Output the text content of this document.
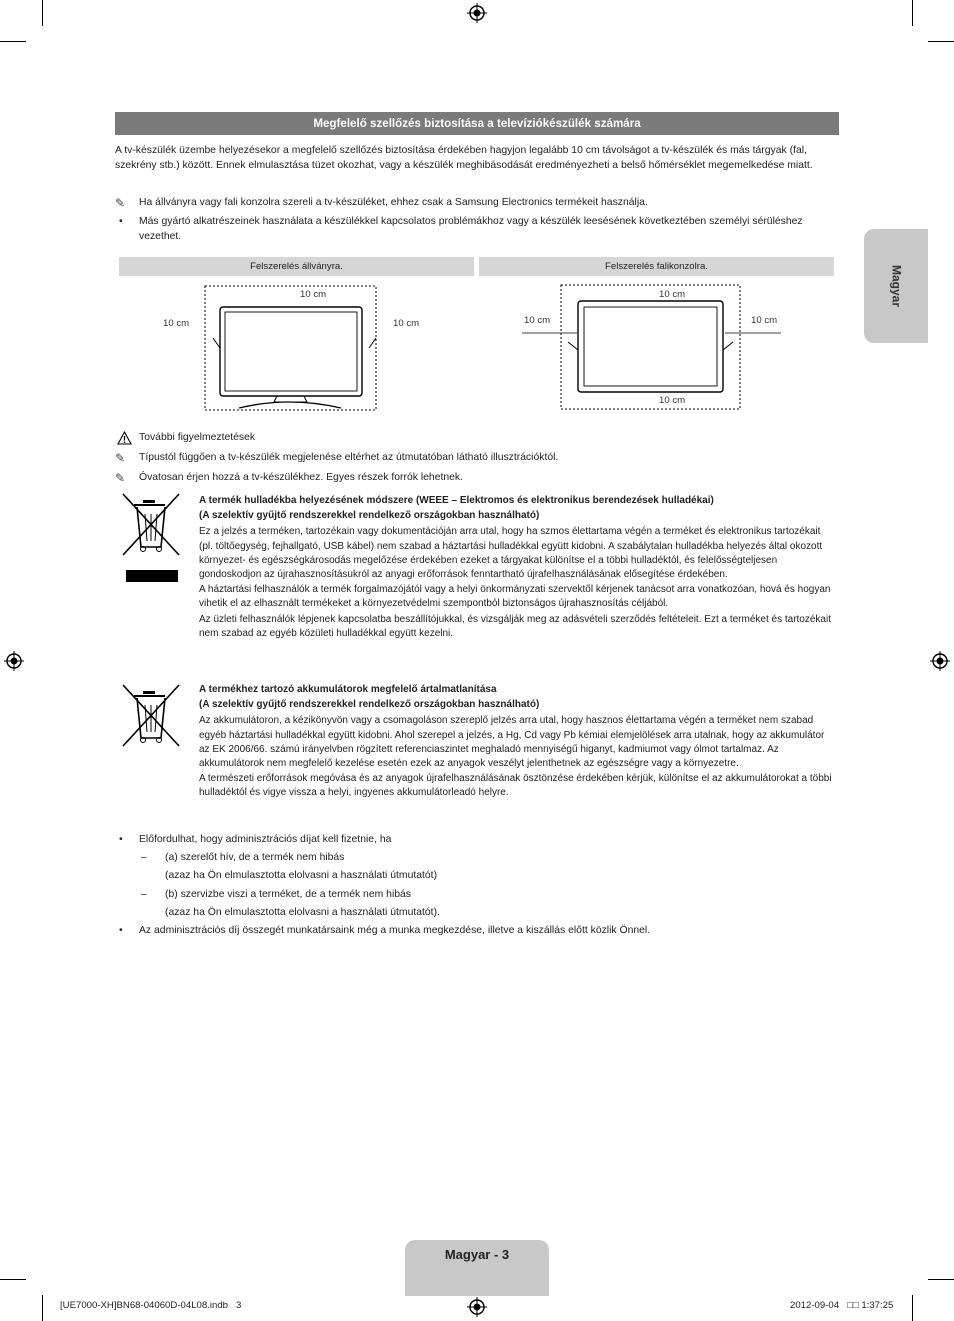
Megfelelő szellőzés biztosítása a televíziókészülék számára
Magyar
A tv-készülék üzembe helyezésekor a megfelelő szellőzés biztosítása érdekében hagyjon legalább 10 cm távolságot a tv-készülék és más tárgyak (fal, szekrény stb.) között. Ennek elmulasztása tüzet okozhat, vagy a készülék meghibásodását eredményezheti a belső hőmérséklet megemelkedése miatt.
✎ Ha állványra vagy fali konzolra szereli a tv-készüléket, ehhez csak a Samsung Electronics termékeit használja.
• Más gyártó alkatrészeinek használata a készülékkel kapcsolatos problémákhoz vagy a készülék leesésének következtében személyi sérüléshez vezethet.
Felszerelés állványra.	Felszerelés falikonzolra.
10 cm
10 cm	10 cm
10 cm
10 cm	10 cm
10 cm
További figyelmeztetések
✎ Típustól függően a tv-készülék megjelenése eltérhet az útmutatóban látható illusztrációktól.
✎ Óvatosan érjen hozzá a tv-készülékhez. Egyes részek forrók lehetnek.
A termék hulladékba helyezésének módszere (WEEE – Elektromos és elektronikus berendezések hulladékai)
(A szelektív gyűjtő rendszerekkel rendelkező országokban használható)
Ez a jelzés a terméken, tartozékain vagy dokumentációján arra utal, hogy ha szmos élettartama végén a terméket és elektronikus tartozékait (pl. töltőegység, fejhallgató, USB kábel) nem szabad a háztartási hulladékkal együtt kidobni. A szabálytalan hulladékba helyezés által okozott környezet- és egészségkárosodás megelőzése érdekében ezeket a tárgyakat különítse el a többi hulladéktól, és felelősségteljesen gondoskodjon az újrahasznosításukról az anyagi erőforrások fenntartható újrafelhasználásának elősegítése érdekében.
A háztartási felhasználók a termék forgalmazójától vagy a helyi önkormányzati szervektől kérjenek tanácsot arra vonatkozóan, hová és hogyan vihetik el az elhasznált termékeket a környezetvédelmi szempontból biztonságos újrahasznosítás céljából.
Az üzleti felhasználók lépjenek kapcsolatba beszállítójukkal, és vizsgálják meg az adásvételi szerződés feltételeit. Ezt a terméket és tartozékait nem szabad az egyéb közületi hulladékkal együtt kezelni.
A termékhez tartozó akkumulátorok megfelelő ártalmatlanítása
(A szelektív gyűjtő rendszerekkel rendelkező országokban használható)
Az akkumulátoron, a kézikönyvön vagy a csomagoláson szereplő jelzés arra utal, hogy hasznos élettartama végén a terméket nem szabad egyéb háztartási hulladékkal együtt kidobni. Ahol szerepel a jelzés, a Hg, Cd vagy Pb kémiai elemjelölések arra utalnak, hogy az akkumulátor az EK 2006/66. számú irányelvben rögzített referenciaszintet meghaladó mennyiségű higanyt, kadmiumot vagy ólmot tartalmaz. Az akkumulátorok nem megfelelő kezelése esetén ezek az anyagok veszélyt jelenthetnek az egészségre vagy a környezetre.
A természeti erőforrások megóvása és az anyagok újrafelhasználásának ösztönzése érdekében kérjük, különítse el az akkumulátorokat a többi hulladéktól és vigye vissza a helyi, ingyenes akkumulátorleadó helyre.
• Előfordulhat, hogy adminisztrációs díjat kell fizetnie, ha
– (a) szerelőt hív, de a termék nem hibás
(azaz ha Ön elmulasztotta elolvasni a használati útmutatót)
– (b) szervizbe viszi a terméket, de a termék nem hibás
(azaz ha Ön elmulasztotta elolvasni a használati útmutatót).
• Az adminisztrációs díj összegét munkatársaink még a munka megkezdése, illetve a kiszállás előtt közlik Önnel.
Magyar - 3
[UE7000-XH]BN68-04060D-04L08.indb   3	2012-09-04   □□ 1:37:25
